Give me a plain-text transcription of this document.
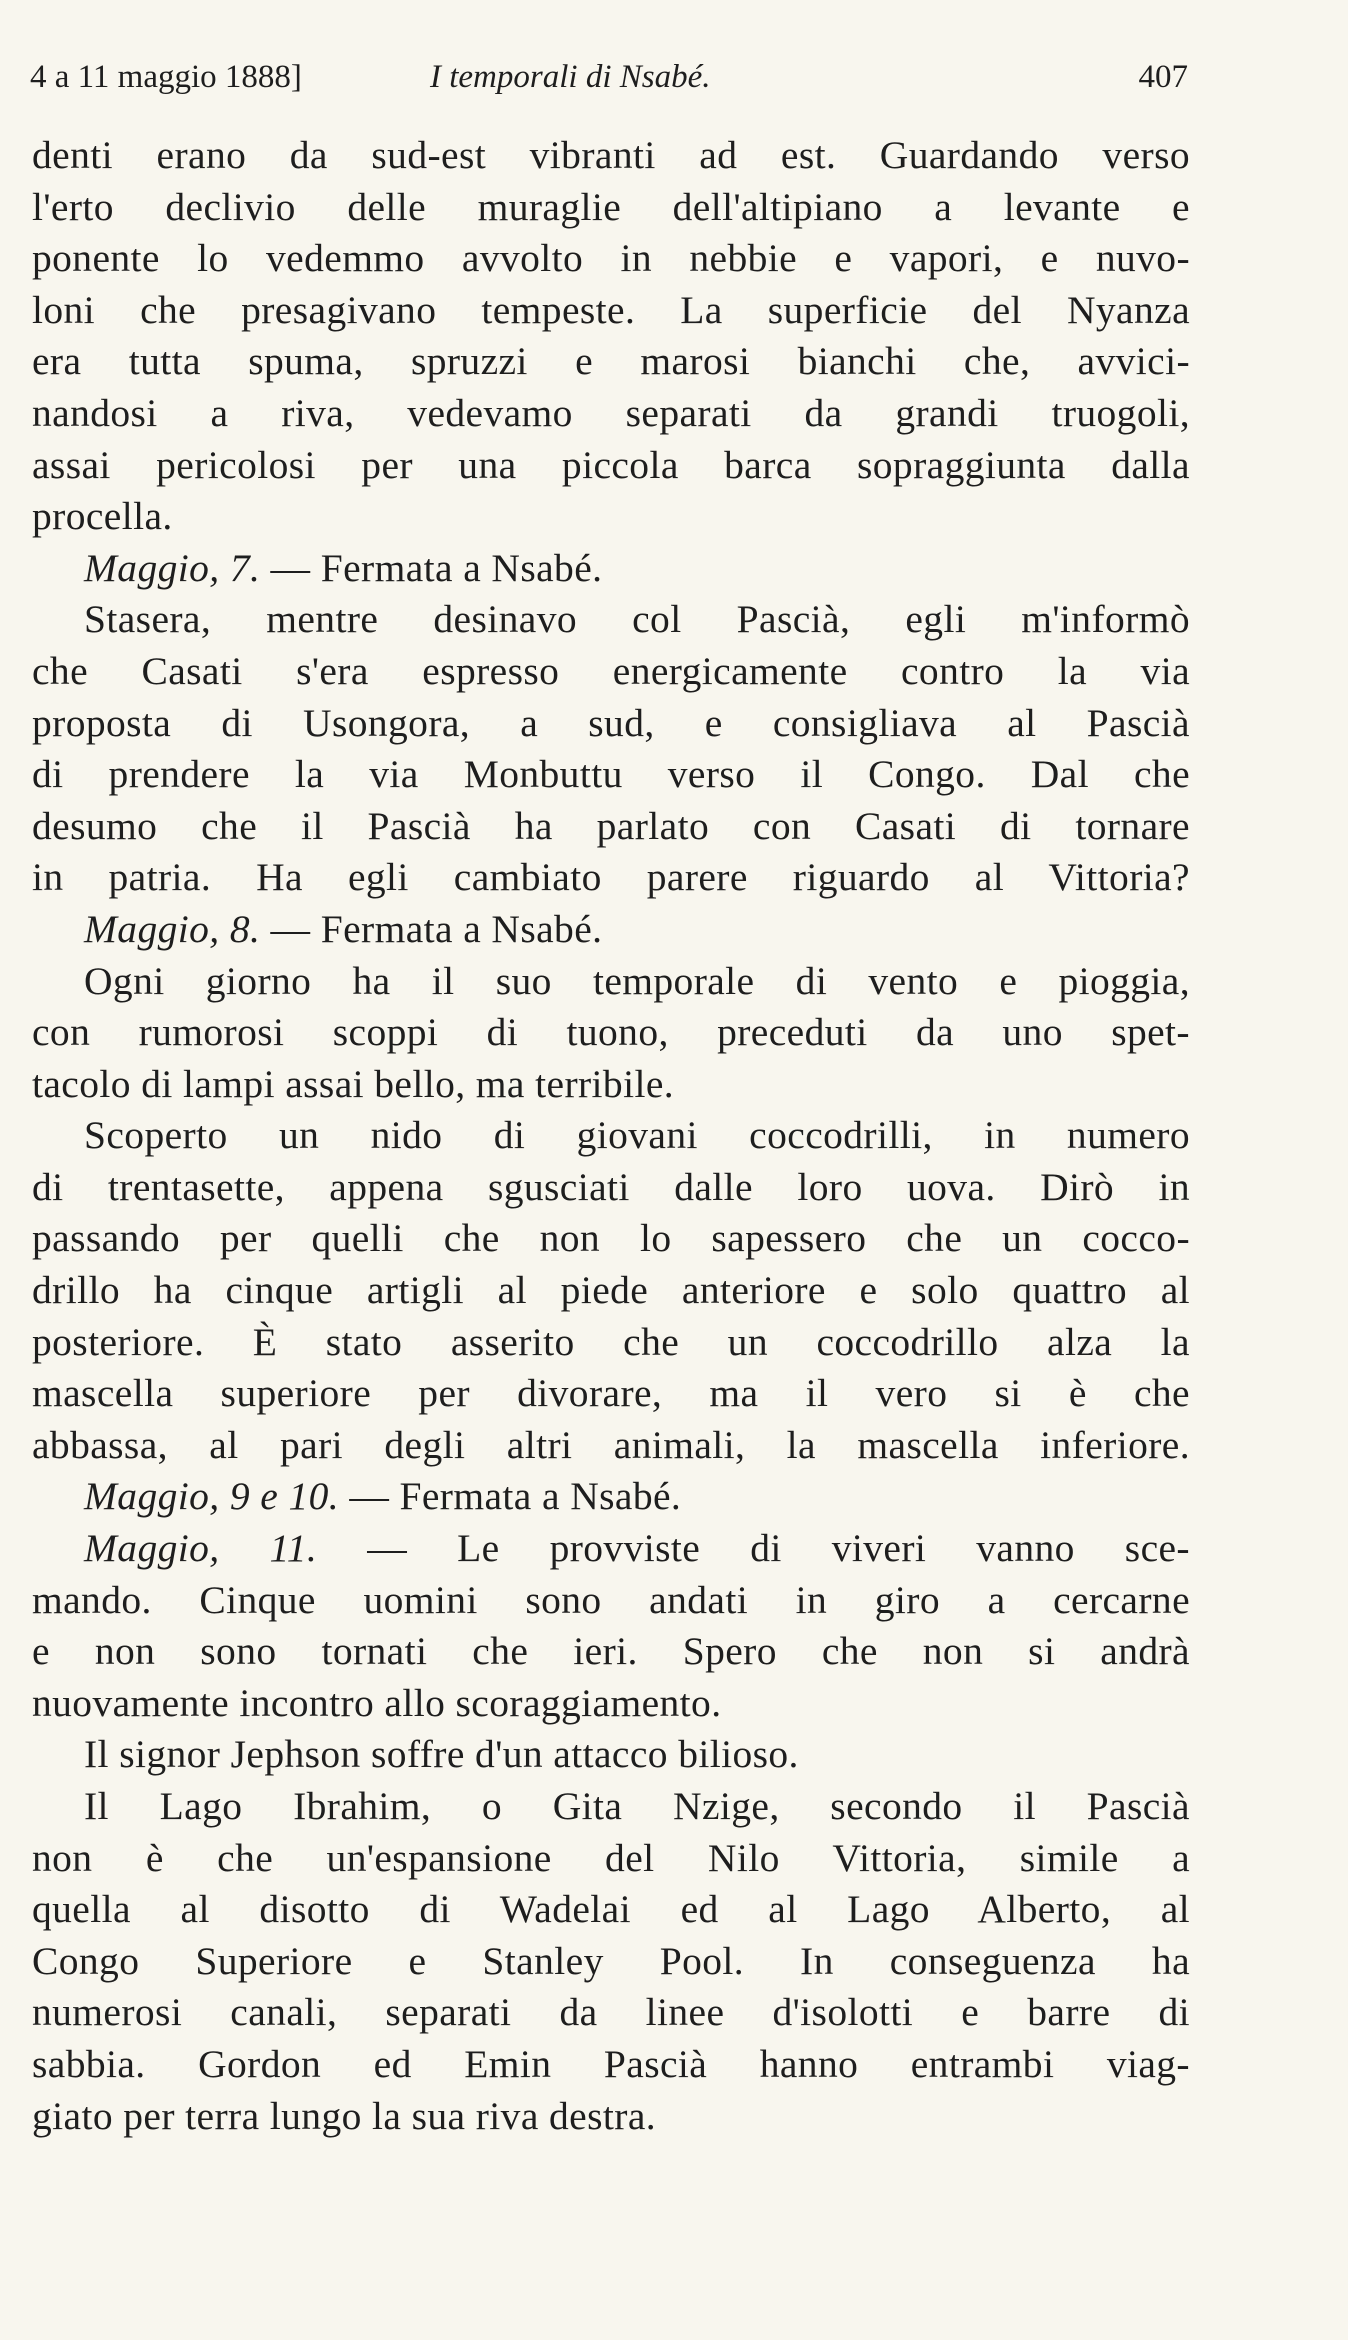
4 a 11 maggio 1888]	I temporali di Nsabé.	407
denti erano da sud-est vibranti ad est. Guardando verso
l'erto declivio delle muraglie dell'altipiano a levante e
ponente lo vedemmo avvolto in nebbie e vapori, e nuvo-
loni che presagivano tempeste. La superficie del Nyanza
era tutta spuma, spruzzi e marosi bianchi che, avvici-
nandosi a riva, vedevamo separati da grandi truogoli,
assai pericolosi per una piccola barca sopraggiunta dalla
procella.
Maggio, 7. — Fermata a Nsabé.
Stasera, mentre desinavo col Pascià, egli m'informò
che Casati s'era espresso energicamente contro la via
proposta di Usongora, a sud, e consigliava al Pascià
di prendere la via Monbuttu verso il Congo. Dal che
desumo che il Pascià ha parlato con Casati di tornare
in patria. Ha egli cambiato parere riguardo al Vittoria?
Maggio, 8. — Fermata a Nsabé.
Ogni giorno ha il suo temporale di vento e pioggia,
con rumorosi scoppi di tuono, preceduti da uno spet-
tacolo di lampi assai bello, ma terribile.
Scoperto un nido di giovani coccodrilli, in numero
di trentasette, appena sgusciati dalle loro uova. Dirò in
passando per quelli che non lo sapessero che un cocco-
drillo ha cinque artigli al piede anteriore e solo quattro al
posteriore. È stato asserito che un coccodrillo alza la
mascella superiore per divorare, ma il vero si è che
abbassa, al pari degli altri animali, la mascella inferiore.
Maggio, 9 e 10. — Fermata a Nsabé.
Maggio, 11. — Le provviste di viveri vanno sce-
mando. Cinque uomini sono andati in giro a cercarne
e non sono tornati che ieri. Spero che non si andrà
nuovamente incontro allo scoraggiamento.
Il signor Jephson soffre d'un attacco bilioso.
Il Lago Ibrahim, o Gita Nzige, secondo il Pascià
non è che un'espansione del Nilo Vittoria, simile a
quella al disotto di Wadelai ed al Lago Alberto, al
Congo Superiore e Stanley Pool. In conseguenza ha
numerosi canali, separati da linee d'isolotti e barre di
sabbia. Gordon ed Emin Pascià hanno entrambi viag-
giato per terra lungo la sua riva destra.
